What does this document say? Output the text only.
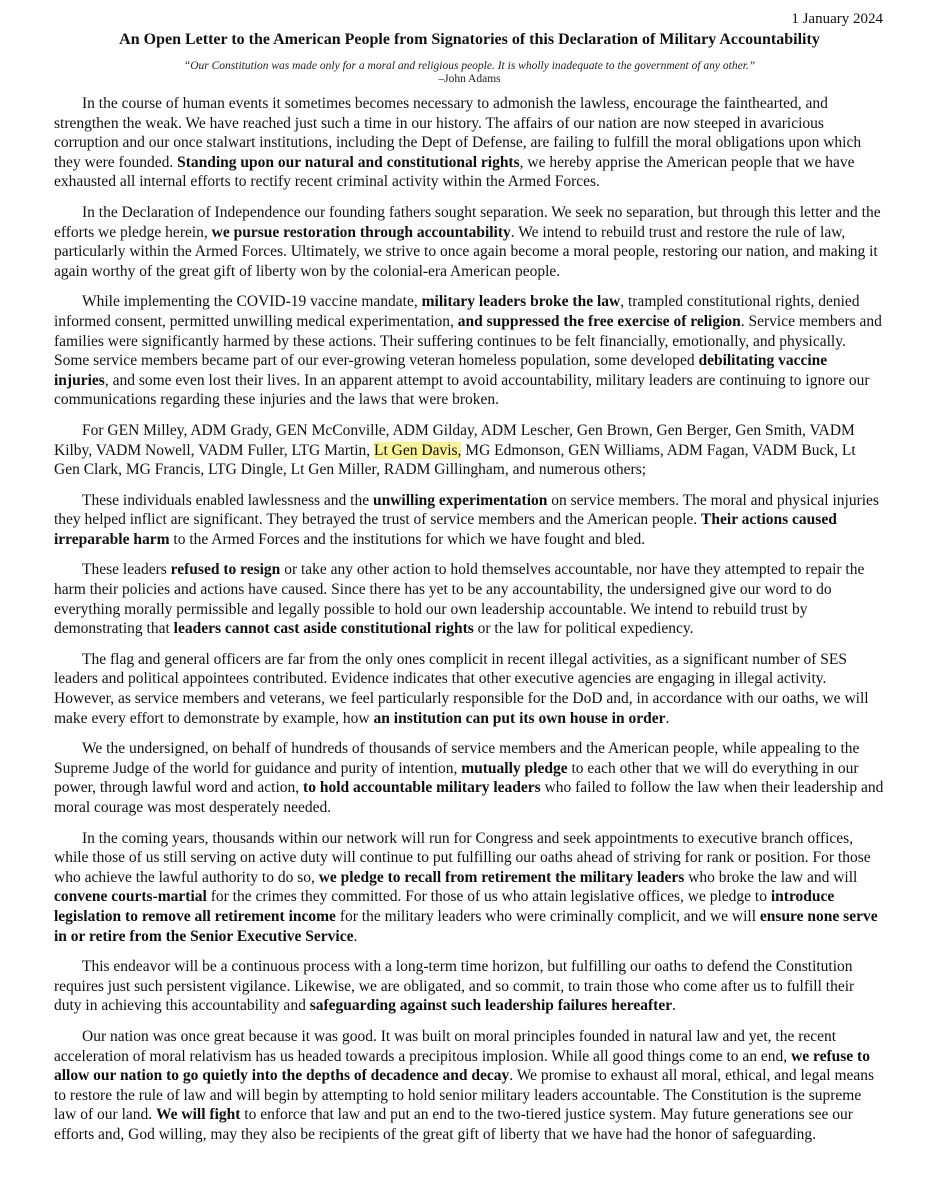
1 January 2024
An Open Letter to the American People from Signatories of this Declaration of Military Accountability
“Our Constitution was made only for a moral and religious people. It is wholly inadequate to the government of any other.”
–John Adams

In the course of human events it sometimes becomes necessary to admonish the lawless, encourage the fainthearted, and strengthen the weak. We have reached just such a time in our history. The affairs of our nation are now steeped in avaricious corruption and our once stalwart institutions, including the Dept of Defense, are failing to fulfill the moral obligations upon which they were founded. Standing upon our natural and constitutional rights, we hereby apprise the American people that we have exhausted all internal efforts to rectify recent criminal activity within the Armed Forces.

In the Declaration of Independence our founding fathers sought separation. We seek no separation, but through this letter and the efforts we pledge herein, we pursue restoration through accountability. We intend to rebuild trust and restore the rule of law, particularly within the Armed Forces. Ultimately, we strive to once again become a moral people, restoring our nation, and making it again worthy of the great gift of liberty won by the colonial-era American people.

While implementing the COVID-19 vaccine mandate, military leaders broke the law, trampled constitutional rights, denied informed consent, permitted unwilling medical experimentation, and suppressed the free exercise of religion. Service members and families were significantly harmed by these actions. Their suffering continues to be felt financially, emotionally, and physically. Some service members became part of our ever-growing veteran homeless population, some developed debilitating vaccine injuries, and some even lost their lives. In an apparent attempt to avoid accountability, military leaders are continuing to ignore our communications regarding these injuries and the laws that were broken.

For GEN Milley, ADM Grady, GEN McConville, ADM Gilday, ADM Lescher, Gen Brown, Gen Berger, Gen Smith, VADM Kilby, VADM Nowell, VADM Fuller, LTG Martin, Lt Gen Davis, MG Edmonson, GEN Williams, ADM Fagan, VADM Buck, Lt Gen Clark, MG Francis, LTG Dingle, Lt Gen Miller, RADM Gillingham, and numerous others;

These individuals enabled lawlessness and the unwilling experimentation on service members. The moral and physical injuries they helped inflict are significant. They betrayed the trust of service members and the American people. Their actions caused irreparable harm to the Armed Forces and the institutions for which we have fought and bled.

These leaders refused to resign or take any other action to hold themselves accountable, nor have they attempted to repair the harm their policies and actions have caused. Since there has yet to be any accountability, the undersigned give our word to do everything morally permissible and legally possible to hold our own leadership accountable. We intend to rebuild trust by demonstrating that leaders cannot cast aside constitutional rights or the law for political expediency.

The flag and general officers are far from the only ones complicit in recent illegal activities, as a significant number of SES leaders and political appointees contributed. Evidence indicates that other executive agencies are engaging in illegal activity. However, as service members and veterans, we feel particularly responsible for the DoD and, in accordance with our oaths, we will make every effort to demonstrate by example, how an institution can put its own house in order.

We the undersigned, on behalf of hundreds of thousands of service members and the American people, while appealing to the Supreme Judge of the world for guidance and purity of intention, mutually pledge to each other that we will do everything in our power, through lawful word and action, to hold accountable military leaders who failed to follow the law when their leadership and moral courage was most desperately needed.

In the coming years, thousands within our network will run for Congress and seek appointments to executive branch offices, while those of us still serving on active duty will continue to put fulfilling our oaths ahead of striving for rank or position. For those who achieve the lawful authority to do so, we pledge to recall from retirement the military leaders who broke the law and will convene courts-martial for the crimes they committed. For those of us who attain legislative offices, we pledge to introduce legislation to remove all retirement income for the military leaders who were criminally complicit, and we will ensure none serve in or retire from the Senior Executive Service.

This endeavor will be a continuous process with a long-term time horizon, but fulfilling our oaths to defend the Constitution requires just such persistent vigilance. Likewise, we are obligated, and so commit, to train those who come after us to fulfill their duty in achieving this accountability and safeguarding against such leadership failures hereafter.

Our nation was once great because it was good. It was built on moral principles founded in natural law and yet, the recent acceleration of moral relativism has us headed towards a precipitous implosion. While all good things come to an end, we refuse to allow our nation to go quietly into the depths of decadence and decay. We promise to exhaust all moral, ethical, and legal means to restore the rule of law and will begin by attempting to hold senior military leaders accountable. The Constitution is the supreme law of our land. We will fight to enforce that law and put an end to the two-tiered justice system. May future generations see our efforts and, God willing, may they also be recipients of the great gift of liberty that we have had the honor of safeguarding.
